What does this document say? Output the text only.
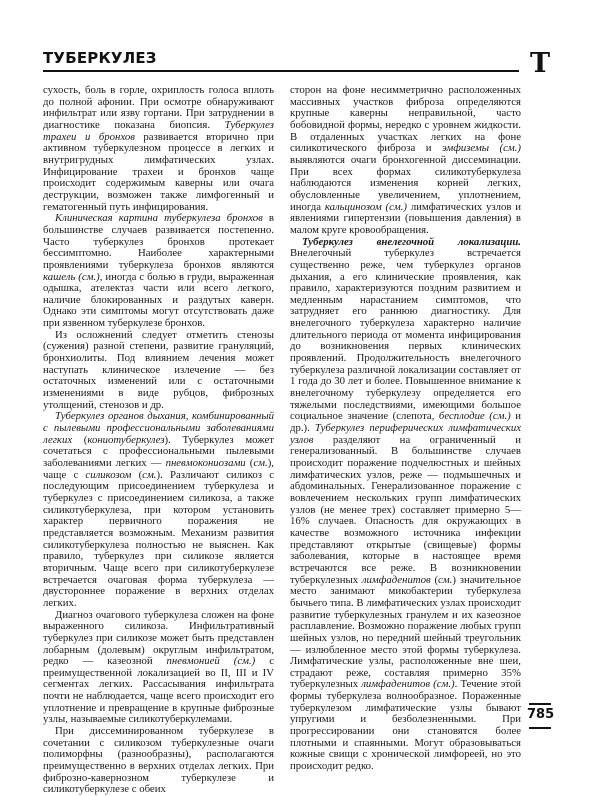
ТУБЕРКУЛЕЗ	T

сухость, боль в горле, охриплость голоса вплоть до полной афонии. При осмотре обнаруживают инфильтрат или язву гортани. При затруднении в диагностике показана биопсия. Туберкулез трахеи и бронхов развивается вторично при активном туберкулезном процессе в легких и внутригрудных лимфатических узлах. Инфицирование трахеи и бронхов чаще происходит содержимым каверны или очага деструкции, возможен также лимфогенный и гематогенный путь инфицирования.

Клиническая картина туберкулеза бронхов в большинстве случаев развивается постепенно. Часто туберкулез бронхов протекает бессимптомно. Наиболее характерными проявлениями туберкулеза бронхов являются кашель (см.), иногда с болью в груди, выраженная одышка, ателектаз части или всего легкого, наличие блокированных и раздутых каверн. Однако эти симптомы могут отсутствовать даже при язвенном туберкулезе бронхов.

Из осложнений следует отметить стенозы (сужения) разной степени, развитие грануляций, бронхиолиты. Под влиянием лечения может наступать клиническое излечение — без остаточных изменений или с остаточными изменениями в виде рубцов, фиброзных утолщений, стенозов и др.

Туберкулез органов дыхания, комбинированный с пылевыми профессиональными заболеваниями легких (кониотуберкулез). Туберкулез может сочетаться с профессиональными пылевыми заболеваниями легких — пневмокониозами (см.), чаще с силикозом (см.). Различают силикоз с последующим присоединением туберкулеза и туберкулез с присоединением силикоза, а также силикотуберкулеза, при котором установить характер первичного поражения не представляется возможным. Механизм развития силикотуберкулеза полностью не выяснен. Как правило, туберкулез при силикозе является вторичным. Чаще всего при силикотуберкулезе встречается очаговая форма туберкулеза — двустороннее поражение в верхних отделах легких.

Диагноз очагового туберкулеза сложен на фоне выраженного силикоза. Инфильтративный туберкулез при силикозе может быть представлен лобарным (долевым) округлым инфильтратом, редко — казеозной пневмонией (см.) с преимущественной локализацией во II, III и IV сегментах легких. Рассасывания инфильтрата почти не наблюдается, чаще всего происходит его уплотнение и превращение в крупные фиброзные узлы, называемые силикотуберкулемами.

При диссеминированном туберкулезе в сочетании с силикозом туберкулезные очаги полиморфны (разнообразны), располагаются преимущественно в верхних отделах легких. При фиброзно-кавернозном туберкулезе и силикотуберкулезе с обеих

сторон на фоне несимметрично расположенных массивных участков фиброза определяются крупные каверны неправильной, часто бобовидной формы, нередко с уровнем жидкости. В отдаленных участках легких на фоне силикотического фиброза и эмфиземы (см.) выявляются очаги бронхогенной диссеминации. При всех формах силикотуберкулеза наблюдаются изменения корней легких, обусловленные увеличением, уплотнением, иногда кальцинозом (см.) лимфатических узлов и явлениями гипертензии (повышения давления) в малом круге кровообращения.

Туберкулез внелегочной локализации. Внелегочный туберкулез встречается существенно реже, чем туберкулез органов дыхания, а его клинические проявления, как правило, характеризуются поздним развитием и медленным нарастанием симптомов, что затрудняет его раннюю диагностику. Для внелегочного туберкулеза характерно наличие длительного периода от момента инфицирования до возникновения первых клинических проявлений. Продолжительность внелегочного туберкулеза различной локализации составляет от 1 года до 30 лет и более. Повышенное внимание к внелегочному туберкулезу определяется его тяжелыми последствиями, имеющими большое социальное значение (слепота, бесплодие (см.) и др.). Туберкулез периферических лимфатических узлов разделяют на ограниченный и генерализованный. В большинстве случаев происходит поражение подчелюстных и шейных лимфатических узлов, реже — подмышечных и абдоминальных. Генерализованное поражение с вовлечением нескольких групп лимфатических узлов (не менее трех) составляет примерно 5—16% случаев. Опасность для окружающих в качестве возможного источника инфекции представляют открытые (свищевые) формы заболевания, которые в настоящее время встречаются все реже. В возникновении туберкулезных лимфаденитов (см.) значительное место занимают микобактерии туберкулеза бычьего типа. В лимфатических узлах происходит развитие туберкулезных гранулем и их казеозное расплавление. Возможно поражение любых групп шейных узлов, но передний шейный треугольник — излюбленное место этой формы туберкулеза. Лимфатические узлы, расположенные вне шеи, страдают реже, составляя примерно 35% туберкулезных лимфаденитов (см.). Течение этой формы туберкулеза волнообразное. Пораженные туберкулезом лимфатические узлы бывают упругими и безболезненными. При прогрессировании они становятся более плотными и спаянными. Могут образовываться кожные свищи с хронической лимфореей, но это происходит редко.

785
